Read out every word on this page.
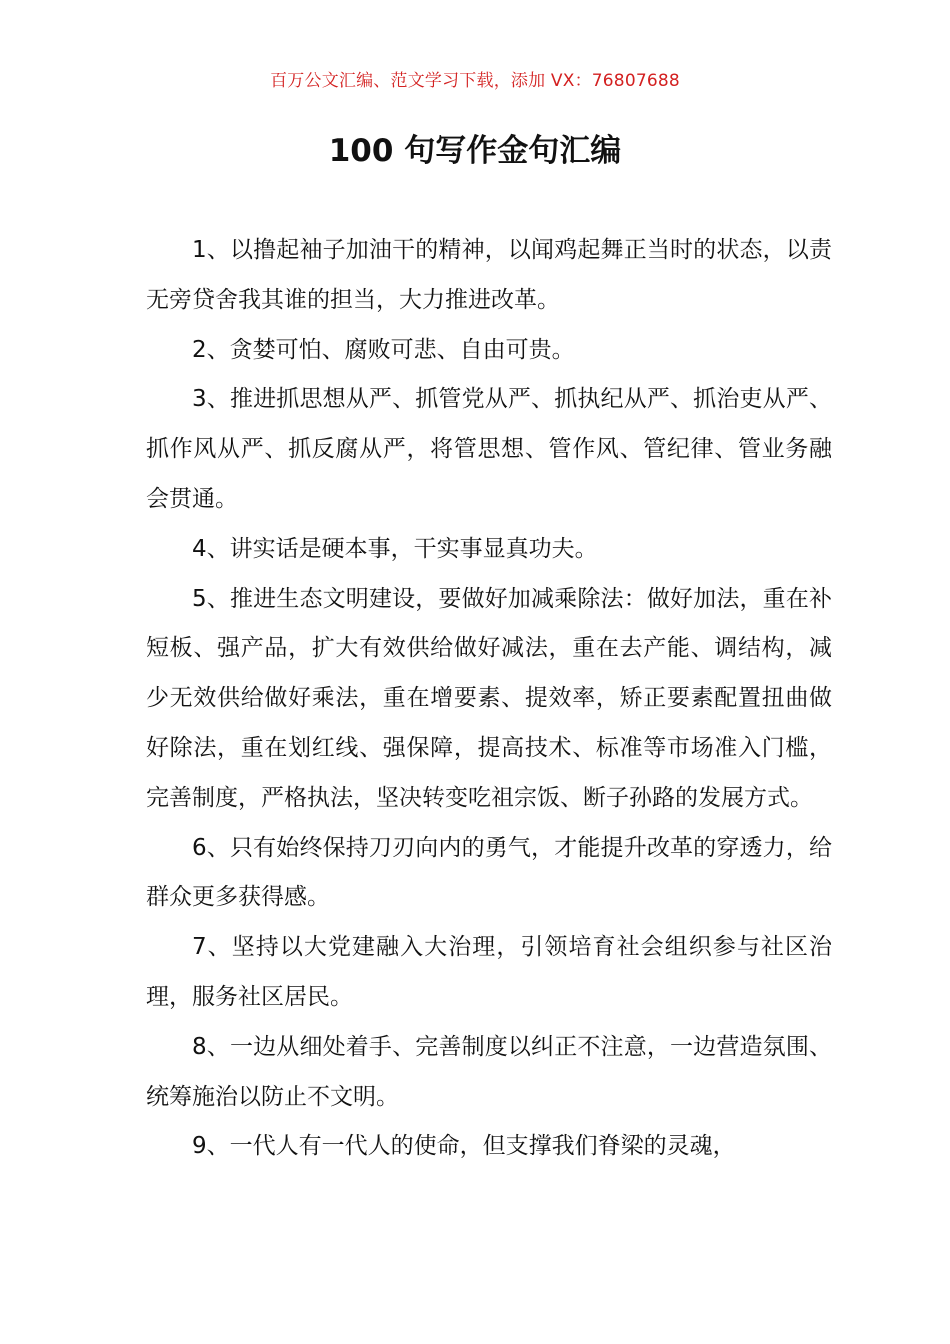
百万公文汇编、范文学习下载，添加 VX：76807688
100 句写作金句汇编

1、以撸起袖子加油干的精神，以闻鸡起舞正当时的状态，以责无旁贷舍我其谁的担当，大力推进改革。

2、贪婪可怕、腐败可悲、自由可贵。

3、推进抓思想从严、抓管党从严、抓执纪从严、抓治吏从严、抓作风从严、抓反腐从严，将管思想、管作风、管纪律、管业务融会贯通。

4、讲实话是硬本事，干实事显真功夫。

5、推进生态文明建设，要做好加减乘除法：做好加法，重在补短板、强产品，扩大有效供给做好减法，重在去产能、调结构，减少无效供给做好乘法，重在增要素、提效率，矫正要素配置扭曲做好除法，重在划红线、强保障，提高技术、标准等市场准入门槛，完善制度，严格执法，坚决转变吃祖宗饭、断子孙路的发展方式。

6、只有始终保持刀刃向内的勇气，才能提升改革的穿透力，给群众更多获得感。

7、坚持以大党建融入大治理，引领培育社会组织参与社区治理，服务社区居民。

8、一边从细处着手、完善制度以纠正不注意，一边营造氛围、统筹施治以防止不文明。

9、一代人有一代人的使命，但支撑我们脊梁的灵魂，
